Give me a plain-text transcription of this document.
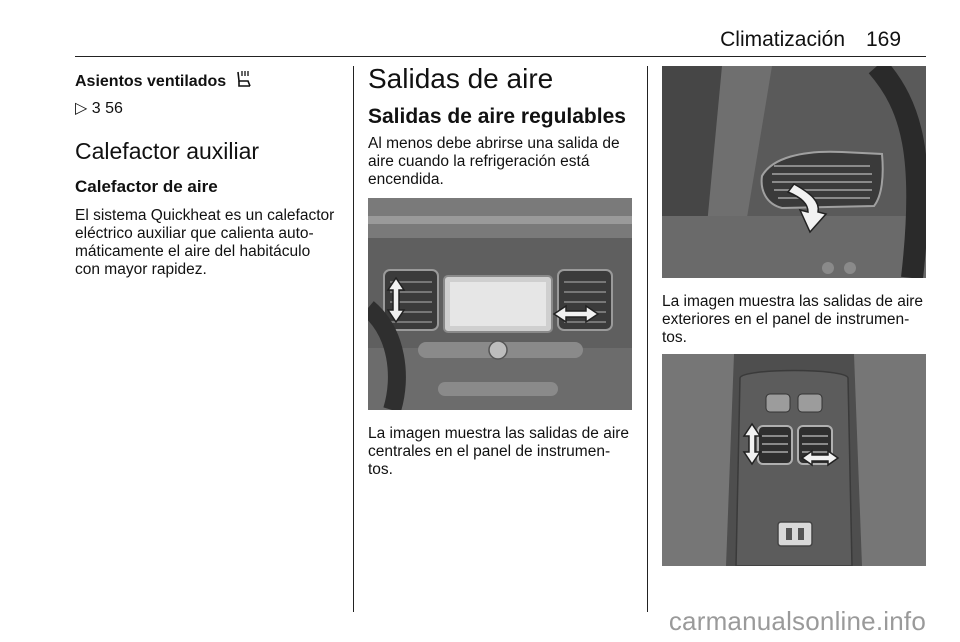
Climatización 169
Asientos ventilados
▷ 3 56
Calefactor auxiliar
Calefactor de aire
El sistema Quickheat es un calefactor
eléctrico auxiliar que calienta auto-
máticamente el aire del habitáculo
con mayor rapidez.
Salidas de aire
Salidas de aire regulables
Al menos debe abrirse una salida de
aire cuando la refrigeración está
encendida.
La imagen muestra las salidas de aire
centrales en el panel de instrumen-
tos.
La imagen muestra las salidas de aire
exteriores en el panel de instrumen-
tos.
carmanualsonline.info
